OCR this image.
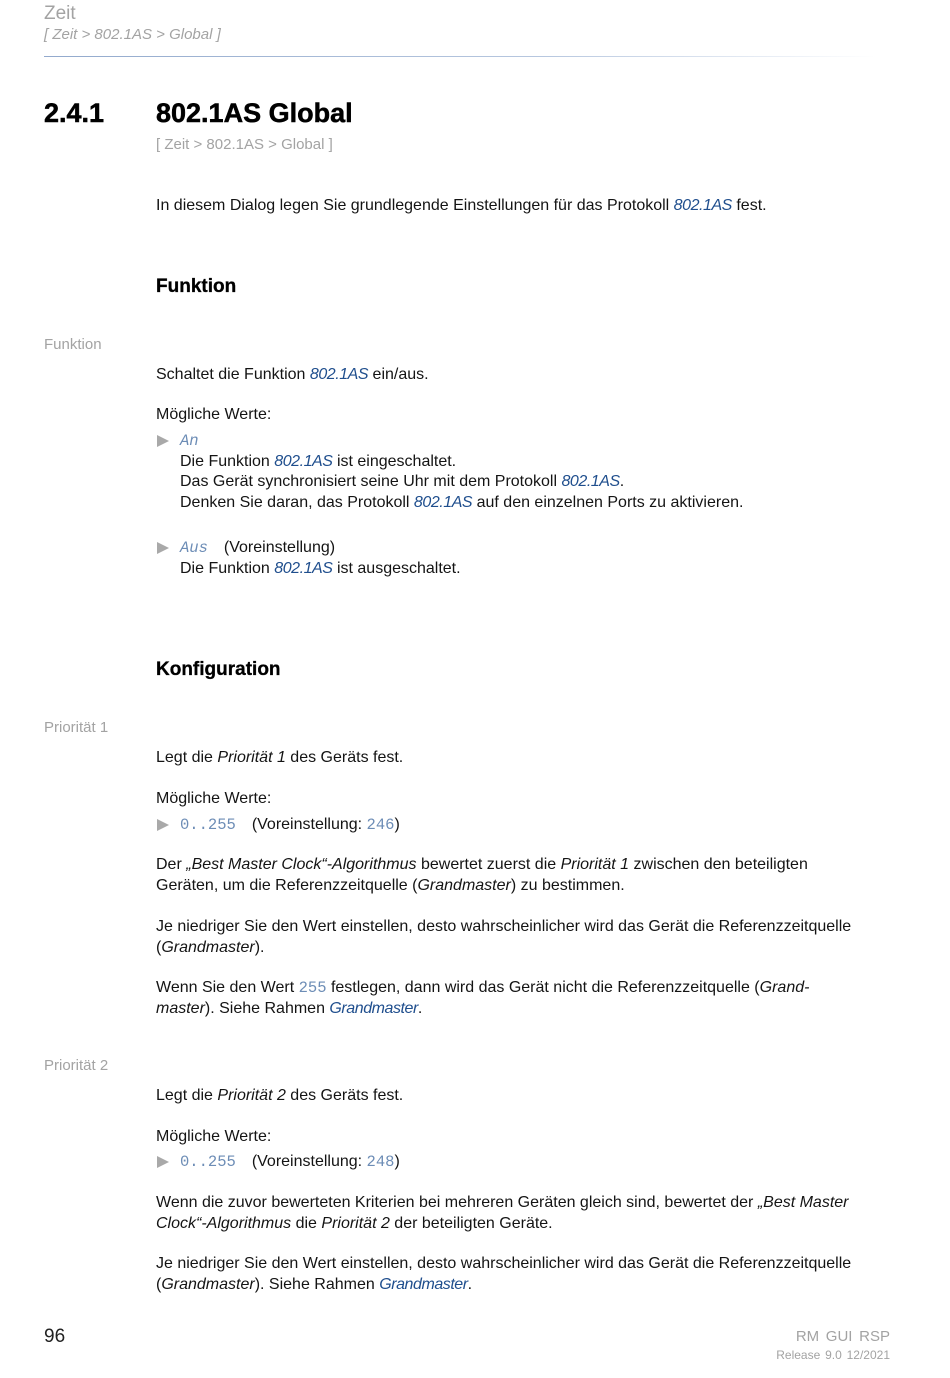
Zeit
[ Zeit > 802.1AS > Global ]
2.4.1 802.1AS Global
[ Zeit > 802.1AS > Global ]
In diesem Dialog legen Sie grundlegende Einstellungen für das Protokoll 802.1AS fest.
Funktion
Funktion
Schaltet die Funktion 802.1AS ein/aus.
Mögliche Werte:
An
Die Funktion 802.1AS ist eingeschaltet.
Das Gerät synchronisiert seine Uhr mit dem Protokoll 802.1AS.
Denken Sie daran, das Protokoll 802.1AS auf den einzelnen Ports zu aktivieren.
Aus (Voreinstellung)
Die Funktion 802.1AS ist ausgeschaltet.
Konfiguration
Priorität 1
Legt die Priorität 1 des Geräts fest.
Mögliche Werte:
0..255 (Voreinstellung: 246)
Der „Best Master Clock“-Algorithmus bewertet zuerst die Priorität 1 zwischen den beteiligten
Geräten, um die Referenzzeitquelle (Grandmaster) zu bestimmen.
Je niedriger Sie den Wert einstellen, desto wahrscheinlicher wird das Gerät die Referenzzeitquelle
(Grandmaster).
Wenn Sie den Wert 255 festlegen, dann wird das Gerät nicht die Referenzzeitquelle (Grand-
master). Siehe Rahmen Grandmaster.
Priorität 2
Legt die Priorität 2 des Geräts fest.
Mögliche Werte:
0..255 (Voreinstellung: 248)
Wenn die zuvor bewerteten Kriterien bei mehreren Geräten gleich sind, bewertet der „Best Master
Clock“-Algorithmus die Priorität 2 der beteiligten Geräte.
Je niedriger Sie den Wert einstellen, desto wahrscheinlicher wird das Gerät die Referenzzeitquelle
(Grandmaster). Siehe Rahmen Grandmaster.
96	RM GUI RSP
Release 9.0 12/2021
